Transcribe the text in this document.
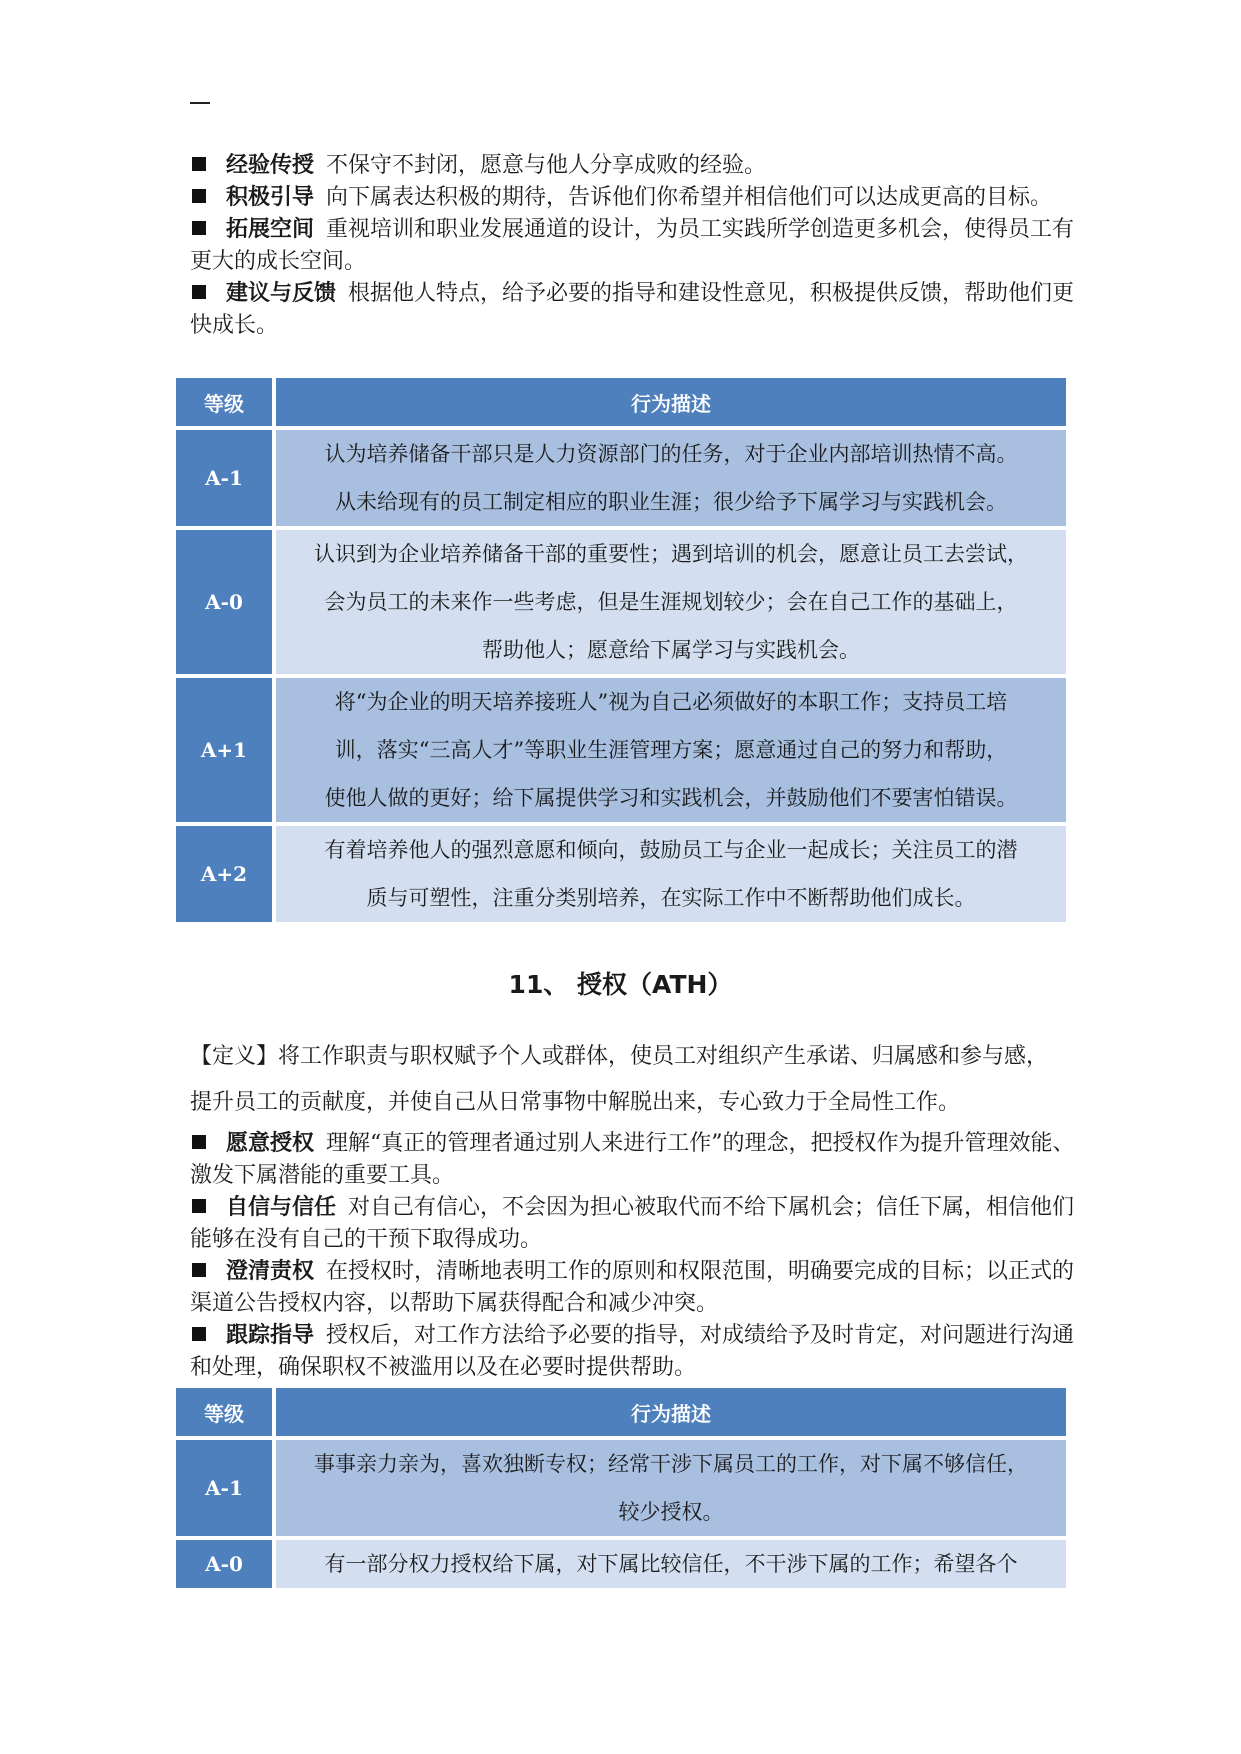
经验传授 不保守不封闭，愿意与他人分享成败的经验。

积极引导 向下属表达积极的期待，告诉他们你希望并相信他们可以达成更高的目标。

拓展空间 重视培训和职业发展通道的设计，为员工实践所学创造更多机会，使得员工有更大的成长空间。

建议与反馈 根据他人特点，给予必要的指导和建设性意见，积极提供反馈，帮助他们更快成长。

等级	行为描述
A-1	认为培养储备干部只是人力资源部门的任务，对于企业内部培训热情不高。
从未给现有的员工制定相应的职业生涯；很少给予下属学习与实践机会。

A-0	认识到为企业培养储备干部的重要性；遇到培训的机会，愿意让员工去尝试，
会为员工的未来作一些考虑，但是生涯规划较少；会在自己工作的基础上，
帮助他人；愿意给下属学习与实践机会。

A+1	将“为企业的明天培养接班人”视为自己必须做好的本职工作；支持员工培
训，落实“三高人才”等职业生涯管理方案；愿意通过自己的努力和帮助，
使他人做的更好；给下属提供学习和实践机会，并鼓励他们不要害怕错误。

A+2	有着培养他人的强烈意愿和倾向，鼓励员工与企业一起成长；关注员工的潜
质与可塑性，注重分类别培养，在实际工作中不断帮助他们成长。
11、 授权（ATH）

【定义】将工作职责与职权赋予个人或群体，使员工对组织产生承诺、归属感和参与感，

提升员工的贡献度，并使自己从日常事物中解脱出来，专心致力于全局性工作。

愿意授权 理解“真正的管理者通过别人来进行工作”的理念，把授权作为提升管理效能、激发下属潜能的重要工具。

自信与信任 对自己有信心，不会因为担心被取代而不给下属机会；信任下属，相信他们能够在没有自己的干预下取得成功。

澄清责权 在授权时，清晰地表明工作的原则和权限范围，明确要完成的目标；以正式的渠道公告授权内容，以帮助下属获得配合和减少冲突。

跟踪指导 授权后，对工作方法给予必要的指导，对成绩给予及时肯定，对问题进行沟通和处理，确保职权不被滥用以及在必要时提供帮助。

等级	行为描述
A-1	事事亲力亲为，喜欢独断专权；经常干涉下属员工的工作，对下属不够信任，
较少授权。

A-0	有一部分权力授权给下属，对下属比较信任，不干涉下属的工作；希望各个
